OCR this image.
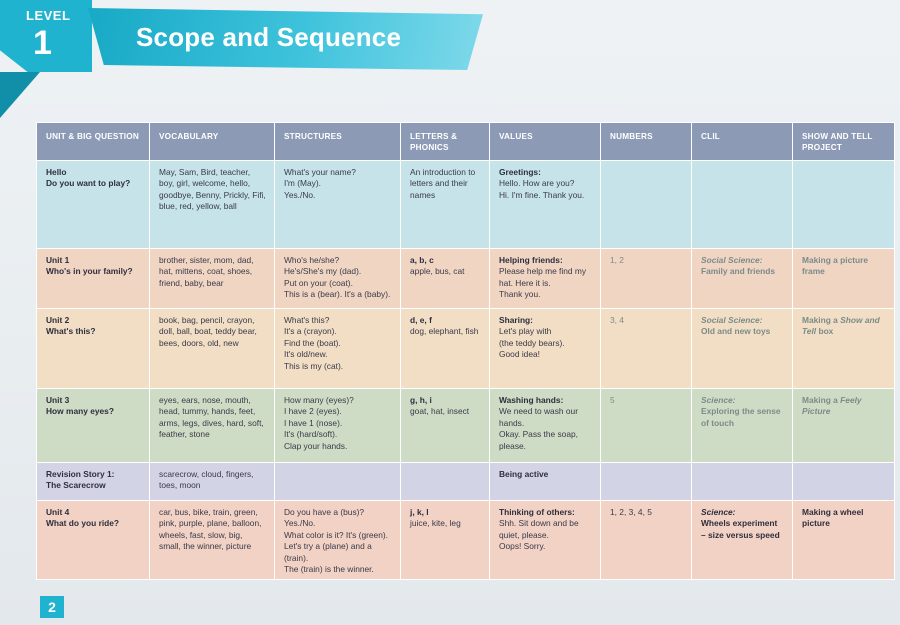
LEVEL
1	Scope and Sequence
UNIT & BIG QUESTION	VOCABULARY	STRUCTURES	LETTERS & PHONICS	VALUES	NUMBERS	CLIL	SHOW AND TELL PROJECT

Hello
Do you want to play?	May, Sam, Bird, teacher, boy, girl, welcome, hello, goodbye, Benny, Prickly, Fifi, blue, red, yellow, ball	What's your name?
I'm (May).
Yes./No.	An introduction to letters and their names	Greetings:
Hello. How are you?
Hi. I'm fine. Thank you.			

Unit 1
Who's in your family?	brother, sister, mom, dad, hat, mittens, coat, shoes, friend, baby, bear	Who's he/she?
He's/She's my (dad).
Put on your (coat).
This is a (bear). It's a (baby).	a, b, c
apple, bus, cat	Helping friends:
Please help me find my hat. Here it is.
Thank you.	1, 2	Social Science:
Family and friends	Making a picture frame

Unit 2
What's this?	book, bag, pencil, crayon, doll, ball, boat, teddy bear, bees, doors, old, new	What's this?
It's a (crayon).
Find the (boat).
It's old/new.
This is my (cat).	d, e, f
dog, elephant, fish	Sharing:
Let's play with
(the teddy bears).
Good idea!	3, 4	Social Science:
Old and new toys	Making a Show and Tell box

Unit 3
How many eyes?	eyes, ears, nose, mouth, head, tummy, hands, feet, arms, legs, dives, hard, soft, feather, stone	How many (eyes)?
I have 2 (eyes).
I have 1 (nose).
It's (hard/soft).
Clap your hands.	g, h, i
goat, hat, insect	Washing hands:
We need to wash our hands.
Okay. Pass the soap, please.	5	Science:
Exploring the sense of touch	Making a Feely Picture

Revision Story 1:
The Scarecrow	scarecrow, cloud, fingers, toes, moon			Being active			

Unit 4
What do you ride?	car, bus, bike, train, green, pink, purple, plane, balloon, wheels, fast, slow, big, small, the winner, picture	Do you have a (bus)?
Yes./No.
What color is it? It's (green).
Let's try a (plane) and a (train).
The (train) is the winner.	j, k, l
juice, kite, leg	Thinking of others:
Shh. Sit down and be quiet, please.
Oops! Sorry.	1, 2, 3, 4, 5	Science:
Wheels experiment – size versus speed	Making a wheel picture
2
